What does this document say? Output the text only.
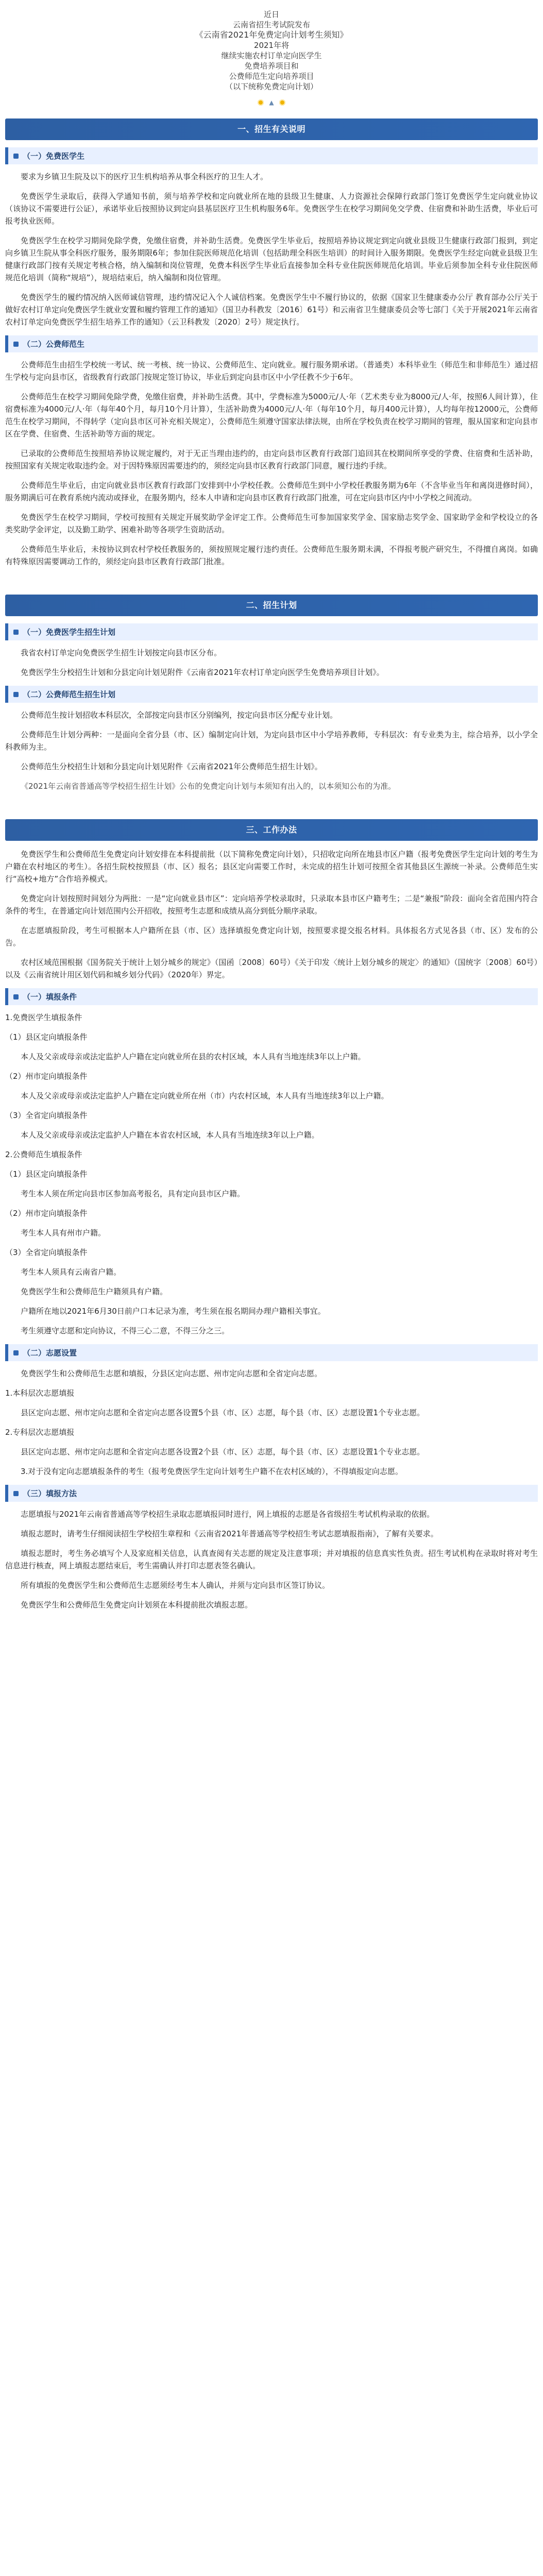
近日
云南省招生考试院发布
《云南省2021年免费定向计划考生须知》
2021年将
继续实施农村订单定向医学生
免费培养项目和
公费师范生定向培养项目
（以下统称免费定向计划）
▲
一、招生有关说明
（一）免费医学生

要求为乡镇卫生院及以下的医疗卫生机构培养从事全科医疗的卫生人才。

免费医学生录取后，获得入学通知书前，须与培养学校和定向就业所在地的县级卫生健康、人力资源社会保障行政部门签订免费医学生定向就业协议（该协议不需要进行公证），承诺毕业后按照协议到定向县基层医疗卫生机构服务6年。免费医学生在校学习期间免交学费、住宿费和补助生活费，毕业后可报考执业医师。

免费医学生在校学习期间免除学费，免缴住宿费，并补助生活费。免费医学生毕业后，按照培养协议规定到定向就业县级卫生健康行政部门报到，到定向乡镇卫生院从事全科医疗服务，服务期限6年；参加住院医师规范化培训（包括助理全科医生培训）的时间计入服务期限。免费医学生经定向就业县级卫生健康行政部门按有关规定考核合格，纳入编制和岗位管理，免费本科医学生毕业后直接参加全科专业住院医师规范化培训。毕业后须参加全科专业住院医师规范化培训（简称“规培”），规培结束后，纳入编制和岗位管理。

免费医学生的履约情况纳入医师诚信管理，违约情况记入个人诚信档案。免费医学生中不履行协议的，依据《国家卫生健康委办公厅 教育部办公厅关于做好农村订单定向免费医学生就业安置和履约管理工作的通知》（国卫办科教发〔2016〕61号）和云南省卫生健康委员会等七部门《关于开展2021年云南省农村订单定向免费医学生招生培养工作的通知》（云卫科教发〔2020〕2号）规定执行。

（二）公费师范生

公费师范生由招生学校统一考试、统一考核、统一协议、公费师范生、定向就业。履行服务期承诺。（普通类）本科毕业生（师范生和非师范生）通过招生学校与定向县市区，省级教育行政部门按规定签订协议，毕业后到定向县市区中小学任教不少于6年。

公费师范生在校学习期间免除学费，免缴住宿费，并补助生活费。其中，学费标准为5000元/人·年（艺术类专业为8000元/人·年，按照6人间计算），住宿费标准为4000元/人·年（每年40个月，每月10个月计算），生活补助费为4000元/人·年（每年10个月，每月400元计算），人均每年按12000元，公费师范生在校学习期间，不得转学（定向县市区可补充相关规定），公费师范生须遵守国家法律法规，由所在学校负责在校学习期间的管理，服从国家和定向县市区在学费、住宿费、生活补助等方面的规定。

已录取的公费师范生按照培养协议规定履约，对于无正当理由违约的，由定向县市区教育行政部门追回其在校期间所享受的学费、住宿费和生活补助，按照国家有关规定收取违约金。对于因特殊原因需要违约的，须经定向县市区教育行政部门同意，履行违约手续。

公费师范生毕业后，由定向就业县市区教育行政部门安排到中小学校任教。公费师范生到中小学校任教服务期为6年（不含毕业当年和离岗进修时间），服务期满后可在教育系统内流动或择业，在服务期内，经本人申请和定向县市区教育行政部门批准，可在定向县市区内中小学校之间流动。

免费医学生在校学习期间，学校可按照有关规定开展奖助学金评定工作。公费师范生可参加国家奖学金、国家励志奖学金、国家助学金和学校设立的各类奖助学金评定，以及勤工助学、困难补助等各项学生资助活动。

公费师范生毕业后，未按协议到农村学校任教服务的，须按照规定履行违约责任。公费师范生服务期未满，不得报考脱产研究生，不得擅自离岗。如确有特殊原因需要调动工作的，须经定向县市区教育行政部门批准。

二、招生计划
（一）免费医学生招生计划

我省农村订单定向免费医学生招生计划按定向县市区分布。

免费医学生分校招生计划和分县定向计划见附件《云南省2021年农村订单定向医学生免费培养项目计划》。

（二）公费师范生招生计划

公费师范生按计划招收本科层次，全部按定向县市区分别编列，按定向县市区分配专业计划。

公费师范生计划分两种：一是面向全省分县（市、区）编制定向计划，为定向县市区中小学培养教师，专科层次：有专业类为主，综合培养，以小学全科教师为主。

公费师范生分校招生计划和分县定向计划见附件《云南省2021年公费师范生招生计划》。

《2021年云南省普通高等学校招生招生计划》公布的免费定向计划与本须知有出入的，以本须知公布的为准。

三、工作办法

免费医学生和公费师范生免费定向计划安排在本科提前批（以下简称免费定向计划），只招收定向所在地县市区户籍（报考免费医学生定向计划的考生为户籍在农村地区的考生）。各招生院校按照县（市、区）报名；县区定向需要工作时，未完成的招生计划可按照全省其他县区生源统一补录。公费师范生实行“高校+地方”合作培养模式。

免费定向计划按照时间划分为两批：一是“定向就业县市区”：定向培养学校录取时，只录取本县市区户籍考生；二是“兼报”阶段：面向全省范围内符合条件的考生，在普通定向计划范围内公开招收，按照考生志愿和成绩从高分到低分顺序录取。

在志愿填报阶段，考生可根据本人户籍所在县（市、区）选择填报免费定向计划，按照要求提交报名材料。具体报名方式见各县（市、区）发布的公告。

农村区域范围根据《国务院关于统计上划分城乡的规定》（国函〔2008〕60号）《关于印发〈统计上划分城乡的规定〉的通知》（国统字〔2008〕60号）以及《云南省统计用区划代码和城乡划分代码》（2020年）界定。

（一）填报条件

1.免费医学生填报条件

（1）县区定向填报条件

本人及父亲或母亲或法定监护人户籍在定向就业所在县的农村区域，本人具有当地连续3年以上户籍。

（2）州市定向填报条件

本人及父亲或母亲或法定监护人户籍在定向就业所在州（市）内农村区域，本人具有当地连续3年以上户籍。

（3）全省定向填报条件

本人及父亲或母亲或法定监护人户籍在本省农村区域，本人具有当地连续3年以上户籍。

2.公费师范生填报条件

（1）县区定向填报条件

考生本人须在所定向县市区参加高考报名，具有定向县市区户籍。

（2）州市定向填报条件

考生本人具有州市户籍。

（3）全省定向填报条件

考生本人须具有云南省户籍。

免费医学生和公费师范生户籍须具有户籍。

户籍所在地以2021年6月30日前户口本记录为准，考生须在报名期间办理户籍相关事宜。

考生须遵守志愿和定向协议，不得三心二意，不得三分之三。

（二）志愿设置

免费医学生和公费师范生志愿和填报，分县区定向志愿、州市定向志愿和全省定向志愿。

1.本科层次志愿填报

县区定向志愿、州市定向志愿和全省定向志愿各设置5个县（市、区）志愿，每个县（市、区）志愿设置1个专业志愿。

2.专科层次志愿填报

县区定向志愿、州市定向志愿和全省定向志愿各设置2个县（市、区）志愿，每个县（市、区）志愿设置1个专业志愿。

3.对于没有定向志愿填报条件的考生（报考免费医学生定向计划考生户籍不在农村区域的），不得填报定向志愿。

（三）填报方法

志愿填报与2021年云南省普通高等学校招生录取志愿填报同时进行，网上填报的志愿是各省级招生考试机构录取的依据。

填报志愿时，请考生仔细阅读招生学校招生章程和《云南省2021年普通高等学校招生考试志愿填报指南》，了解有关要求。

填报志愿时，考生务必填写个人及家庭相关信息，认真查阅有关志愿的规定及注意事项；并对填报的信息真实性负责。招生考试机构在录取时将对考生信息进行核查，网上填报志愿结束后，考生需确认并打印志愿表签名确认。

所有填报的免费医学生和公费师范生志愿须经考生本人确认，并须与定向县市区签订协议。

免费医学生和公费师范生免费定向计划须在本科提前批次填报志愿。
